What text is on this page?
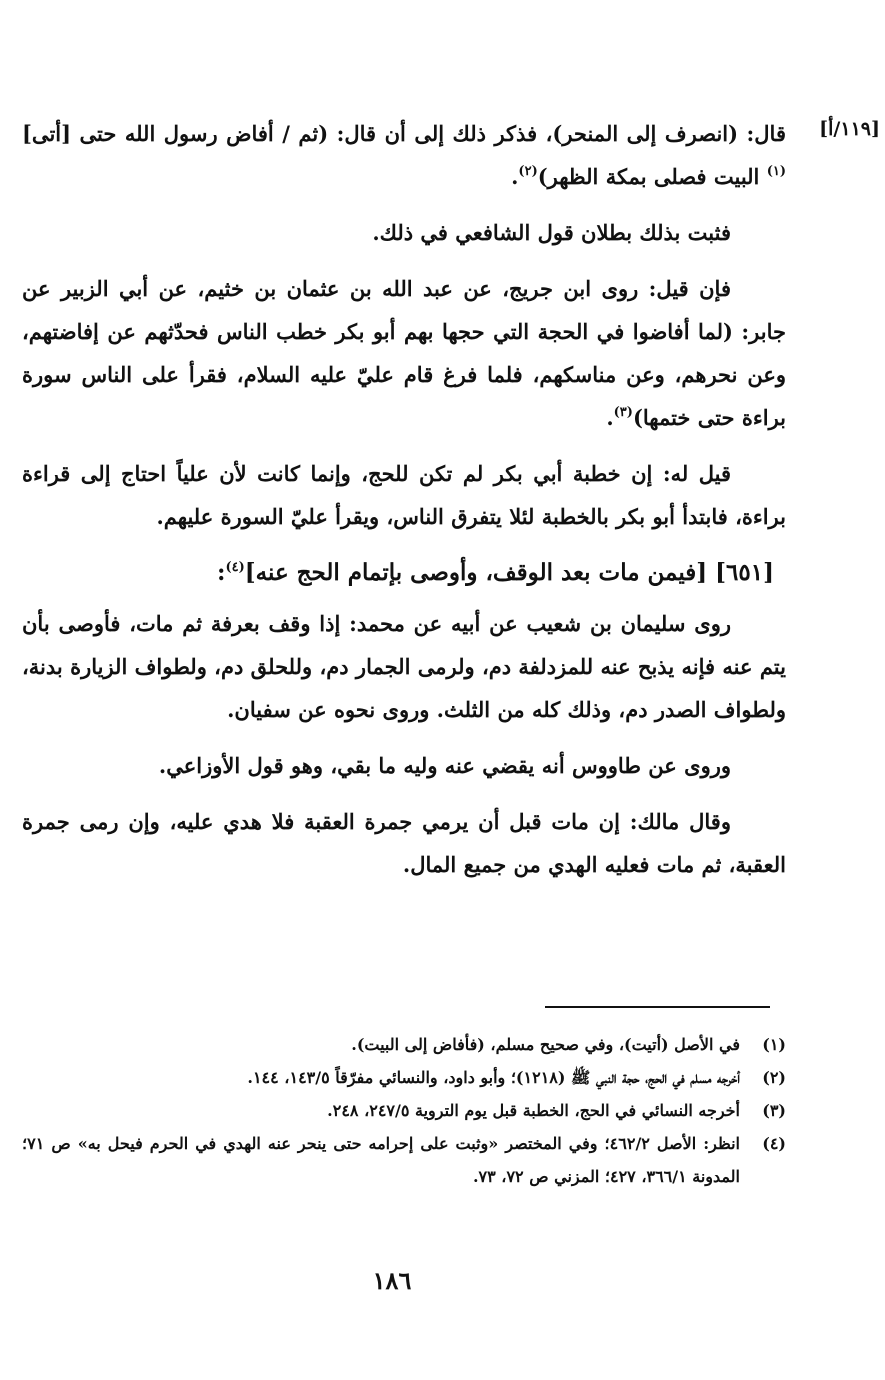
[١١٩/أ]

قال: (انصرف إلى المنحر)، فذكر ذلك إلى أن قال: (ثم / أفاض رسول الله حتى [أتى]$^{(١)}$ البيت فصلى بمكة الظهر)$^{(٢)}$.

فثبت بذلك بطلان قول الشافعي في ذلك.

فإن قيل: روى ابن جريج، عن عبد الله بن عثمان بن خثيم، عن أبي الزبير عن جابر: (لما أفاضوا في الحجة التي حجها بهم أبو بكر خطب الناس فحدّثهم عن إفاضتهم، وعن نحرهم، وعن مناسكهم، فلما فرغ قام عليّ عليه السلام، فقرأ على الناس سورة براءة حتى ختمها)$^{(٣)}$.

قيل له: إن خطبة أبي بكر لم تكن للحج، وإنما كانت لأن علياً احتاج إلى قراءة براءة، فابتدأ أبو بكر بالخطبة لئلا يتفرق الناس، ويقرأ عليّ السورة عليهم.

[٦٥١] [فيمن مات بعد الوقف، وأوصى بإتمام الحج عنه]$^{(٤)}$:

روى سليمان بن شعيب عن أبيه عن محمد: إذا وقف بعرفة ثم مات، فأوصى بأن يتم عنه فإنه يذبح عنه للمزدلفة دم، ولرمى الجمار دم، وللحلق دم، ولطواف الزيارة بدنة، ولطواف الصدر دم، وذلك كله من الثلث. وروى نحوه عن سفيان.

وروى عن طاووس أنه يقضي عنه وليه ما بقي، وهو قول الأوزاعي.

وقال مالك: إن مات قبل أن يرمي جمرة العقبة فلا هدي عليه، وإن رمى جمرة العقبة، ثم مات فعليه الهدي من جميع المال.

(١)
في الأصل (أتيت)، وفي صحيح مسلم، (فأفاض إلى البيت).
(٢)
أخرجه مسلم في الحج، حجة النبي ﷺ (١٢١٨)؛ وأبو داود، والنسائي مفرّقاً ١٤٣/٥، ١٤٤.
(٣)
أخرجه النسائي في الحج، الخطبة قبل يوم التروية ٢٤٧/٥، ٢٤٨.
(٤)
انظر: الأصل ٤٦٢/٢؛ وفي المختصر «وثبت على إحرامه حتى ينحر عنه الهدي في الحرم فيحل به» ص ٧١؛ المدونة ٣٦٦/١، ٤٢٧؛ المزني ص ٧٢، ٧٣.
١٨٦
